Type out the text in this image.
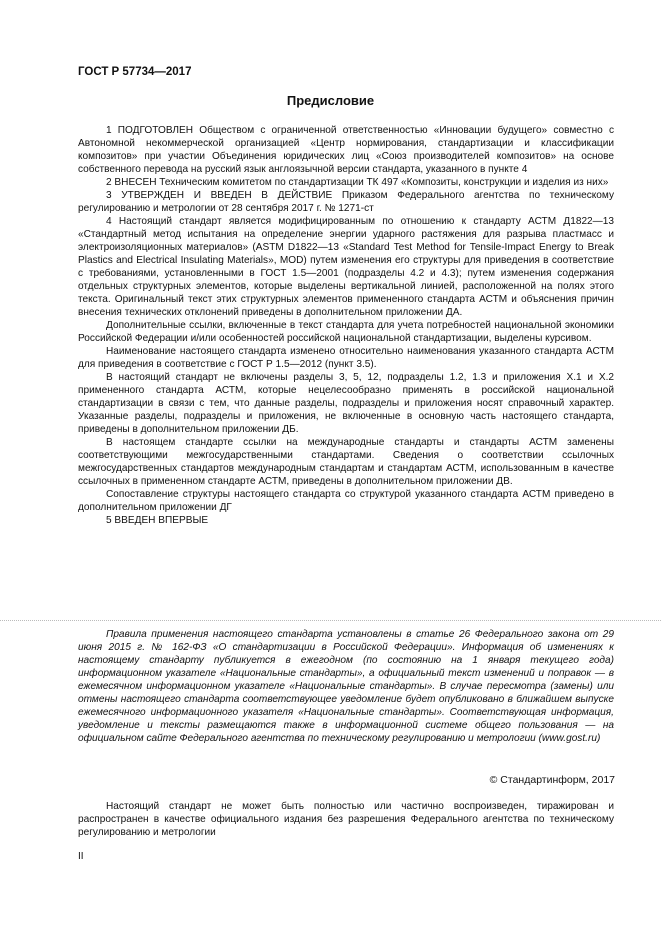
ГОСТ Р 57734—2017
Предисловие

1 ПОДГОТОВЛЕН Обществом с ограниченной ответственностью «Инновации будущего» совместно с Автономной некоммерческой организацией «Центр нормирования, стандартизации и классификации композитов» при участии Объединения юридических лиц «Союз производителей композитов» на основе собственного перевода на русский язык англоязычной версии стандарта, указанного в пункте 4

2 ВНЕСЕН Техническим комитетом по стандартизации ТК 497 «Композиты, конструкции и изделия из них»

3 УТВЕРЖДЕН И ВВЕДЕН В ДЕЙСТВИЕ Приказом Федерального агентства по техническому регулированию и метрологии от 28 сентября 2017 г. № 1271-ст

4 Настоящий стандарт является модифицированным по отношению к стандарту АСТМ Д1822—13 «Стандартный метод испытания на определение энергии ударного растяжения для разрыва пластмасс и электроизоляционных материалов» (ASTM D1822—13 «Standard Test Method for Tensile-Impact Energy to Break Plastics and Electrical Insulating Materials», MOD) путем изменения его структуры для приведения в соответствие с требованиями, установленными в ГОСТ 1.5—2001 (подразделы 4.2 и 4.3); путем изменения содержания отдельных структурных элементов, которые выделены вертикальной линией, расположенной на полях этого текста. Оригинальный текст этих структурных элементов примененного стандарта АСТМ и объяснения причин внесения технических отклонений приведены в дополнительном приложении ДА.

Дополнительные ссылки, включенные в текст стандарта для учета потребностей национальной экономики Российской Федерации и/или особенностей российской национальной стандартизации, выделены курсивом.

Наименование настоящего стандарта изменено относительно наименования указанного стандарта АСТМ для приведения в соответствие с ГОСТ Р 1.5—2012 (пункт 3.5).

В настоящий стандарт не включены разделы 3, 5, 12, подразделы 1.2, 1.3 и приложения X.1 и X.2 примененного стандарта АСТМ, которые нецелесообразно применять в российской национальной стандартизации в связи с тем, что данные разделы, подразделы и приложения носят справочный характер. Указанные разделы, подразделы и приложения, не включенные в основную часть настоящего стандарта, приведены в дополнительном приложении ДБ.

В настоящем стандарте ссылки на международные стандарты и стандарты АСТМ заменены соответствующими межгосударственными стандартами. Сведения о соответствии ссылочных межгосударственных стандартов международным стандартам и стандартам АСТМ, использованным в качестве ссылочных в примененном стандарте АСТМ, приведены в дополнительном приложении ДВ.

Сопоставление структуры настоящего стандарта со структурой указанного стандарта АСТМ приведено в дополнительном приложении ДГ

5 ВВЕДЕН ВПЕРВЫЕ

Правила применения настоящего стандарта установлены в статье 26 Федерального закона от 29 июня 2015 г. № 162-ФЗ «О стандартизации в Российской Федерации». Информация об изменениях к настоящему стандарту публикуется в ежегодном (по состоянию на 1 января текущего года) информационном указателе «Национальные стандарты», а официальный текст изменений и поправок — в ежемесячном информационном указателе «Национальные стандарты». В случае пересмотра (замены) или отмены настоящего стандарта соответствующее уведомление будет опубликовано в ближайшем выпуске ежемесячного информационного указателя «Национальные стандарты». Соответствующая информация, уведомление и тексты размещаются также в информационной системе общего пользования — на официальном сайте Федерального агентства по техническому регулированию и метрологии (www.gost.ru)

© Стандартинформ, 2017

Настоящий стандарт не может быть полностью или частично воспроизведен, тиражирован и распространен в качестве официального издания без разрешения Федерального агентства по техническому регулированию и метрологии

II
